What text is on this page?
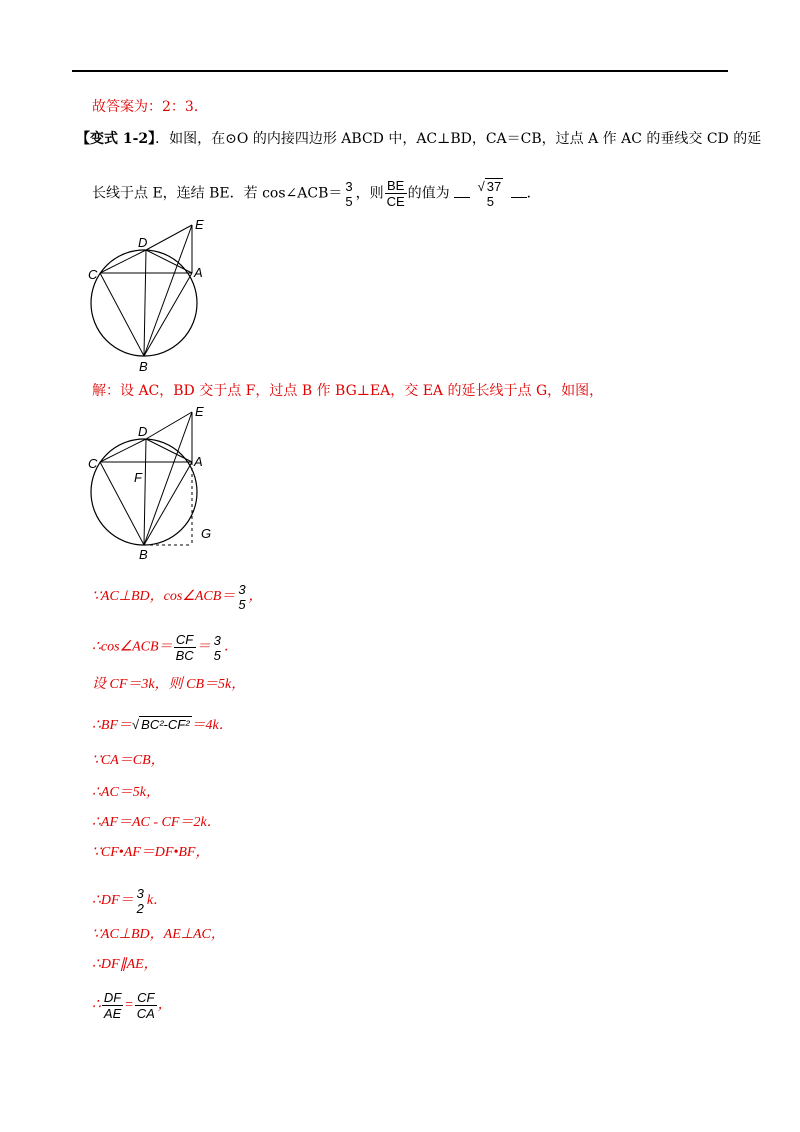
故答案为：2：3．
【变式 1-2】．如图，在⊙O 的内接四边形 ABCD 中，AC⊥BD，CA＝CB，过点 A 作 AC 的垂线交 CD 的延
长线于点 E，连结 BE．若 cos∠ACB＝ 3
5 ，则 $\frac{BE}{CE}$ 的值为 √ 37
5	．
E
D
C	A
B
解：设 AC，BD 交于点 F，过点 B 作 BG⊥EA，交 EA 的延长线于点 G，如图，
E
D
C	A
F
G
B
∵AC⊥BD，cos∠ACB＝ 3
5
，
∴cos∠ACB＝ $\frac{CF}{BC} = 3$
5
．
设 CF＝3k，则 CB＝5k，
∴BF＝√ BC²-CF² ＝4k．
∵CA＝CB，
∴AC＝5k，
∴AF＝AC - CF＝2k．
∵CF•AF＝DF•BF，
∴DF＝ 3
2
k．
∵AC⊥BD，AE⊥AC，
∴DF∥AE，
∴ $\frac{DF}{AE} = \frac{CF}{CA}$ ，
